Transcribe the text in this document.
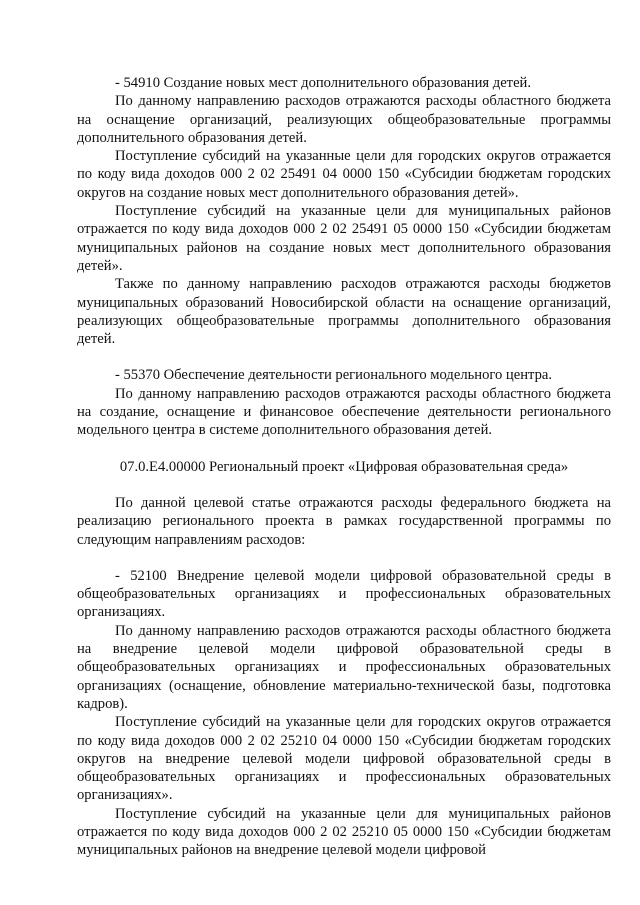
- 54910 Создание новых мест дополнительного образования детей.

По данному направлению расходов отражаются расходы областного бюджета на оснащение организаций, реализующих общеобразовательные программы дополнительного образования детей.

Поступление субсидий на указанные цели для городских округов отражается по коду вида доходов 000 2 02 25491 04 0000 150 «Субсидии бюджетам городских округов на создание новых мест дополнительного образования детей».

Поступление субсидий на указанные цели для муниципальных районов отражается по коду вида доходов 000 2 02 25491 05 0000 150 «Субсидии бюджетам муниципальных районов на создание новых мест дополнительного образования детей».

Также по данному направлению расходов отражаются расходы бюджетов муниципальных образований Новосибирской области на оснащение организаций, реализующих общеобразовательные программы дополнительного образования детей.

- 55370 Обеспечение деятельности регионального модельного центра.

По данному направлению расходов отражаются расходы областного бюджета на создание, оснащение и финансовое обеспечение деятельности регионального модельного центра в системе дополнительного образования детей.

07.0.Е4.00000 Региональный проект «Цифровая образовательная среда»

По данной целевой статье отражаются расходы федерального бюджета на реализацию регионального проекта в рамках государственной программы по следующим направлениям расходов:

- 52100 Внедрение целевой модели цифровой образовательной среды в общеобразовательных организациях и профессиональных образовательных организациях.

По данному направлению расходов отражаются расходы областного бюджета на внедрение целевой модели цифровой образовательной среды в общеобразовательных организациях и профессиональных образовательных организациях (оснащение, обновление материально-технической базы, подготовка кадров).

Поступление субсидий на указанные цели для городских округов отражается по коду вида доходов 000 2 02 25210 04 0000 150 «Субсидии бюджетам городских округов на внедрение целевой модели цифровой образовательной среды в общеобразовательных организациях и профессиональных образовательных организациях».

Поступление субсидий на указанные цели для муниципальных районов отражается по коду вида доходов 000 2 02 25210 05 0000 150 «Субсидии бюджетам муниципальных районов на внедрение целевой модели цифровой
